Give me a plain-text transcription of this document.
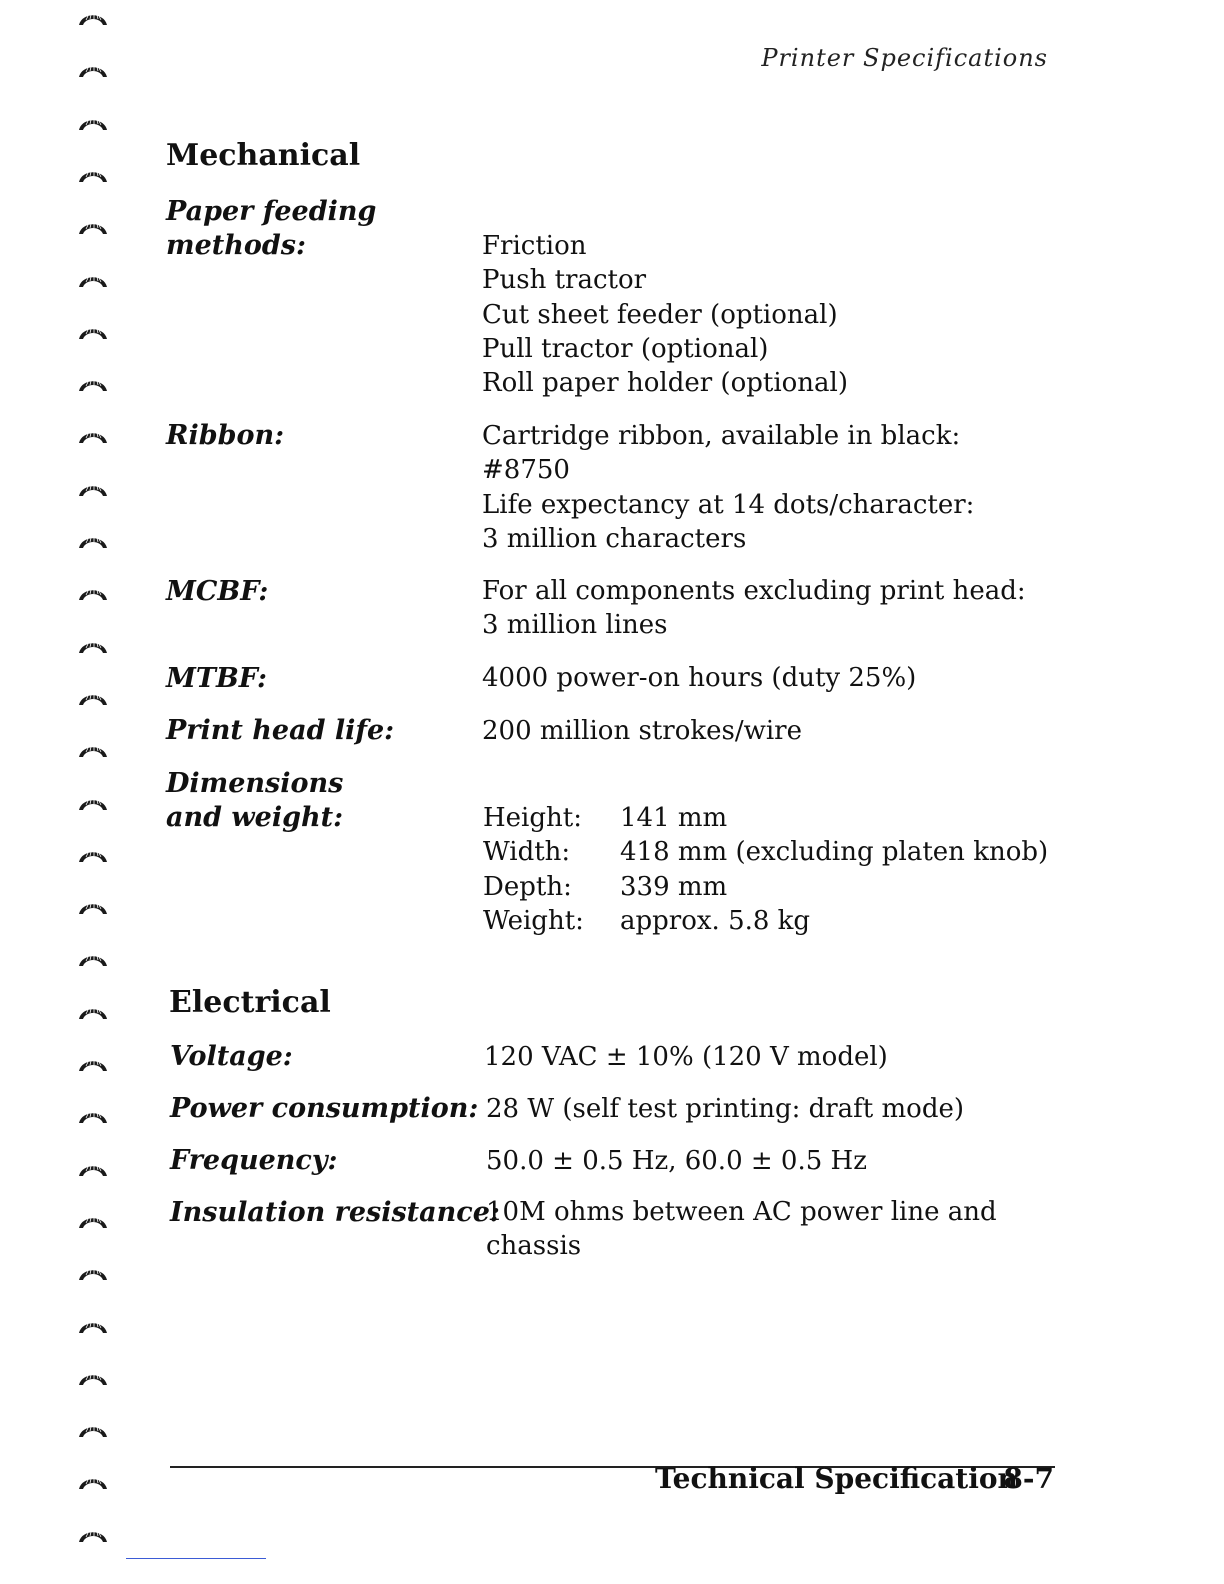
Printer Specifications
Mechanical
Paper feeding
methods:	Friction
Push tractor
Cut sheet feeder (optional)
Pull tractor (optional)
Roll paper holder (optional)
Ribbon:	Cartridge ribbon, available in black:
#8750
Life expectancy at 14 dots/character:
3 million characters
MCBF:	For all components excluding print head:
3 million lines
MTBF:	4000 power-on hours (duty 25%)
Print head life:	200 million strokes/wire
Dimensions
and weight:	Height: 141 mm
Width: 418 mm (excluding platen knob)
Depth: 339 mm
Weight: approx. 5.8 kg
Electrical
Voltage:	120 VAC ± 10% (120 V model)
Power consumption: 28 W (self test printing: draft mode)
Frequency:	50.0 ± 0.5 Hz, 60.0 ± 0.5 Hz
Insulation resistance:
10M ohms between AC power line and
chassis
Technical Specification
8-7
